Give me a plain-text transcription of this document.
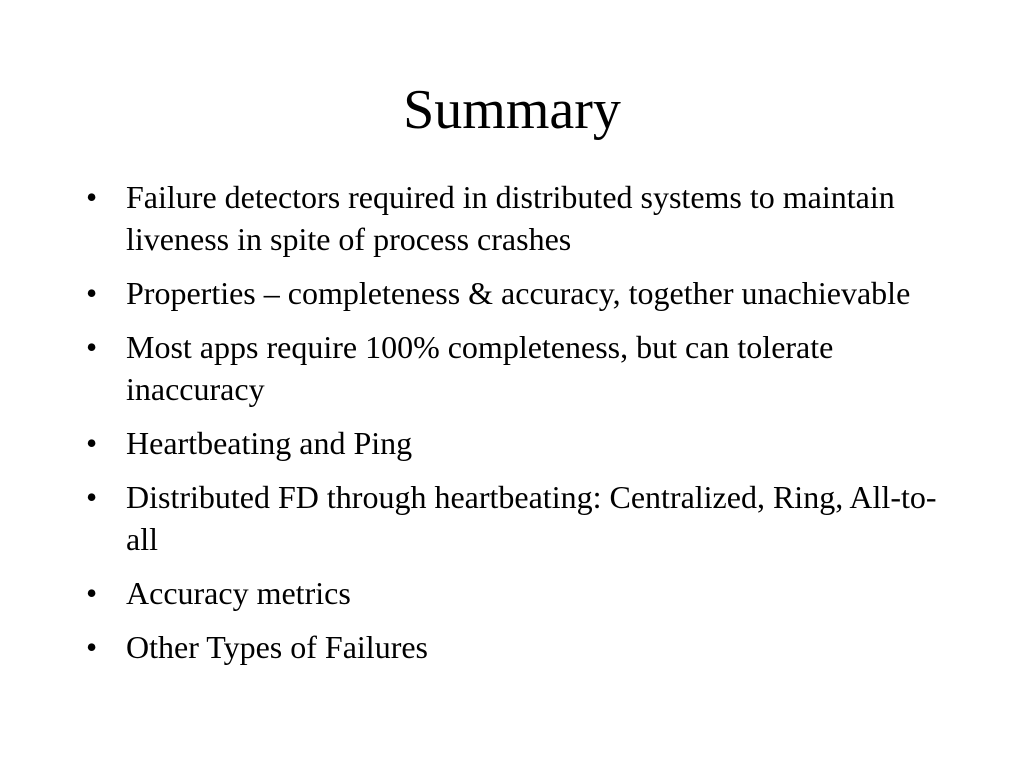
Summary
• Failure detectors required in distributed systems to maintain liveness in spite of process crashes
• Properties – completeness & accuracy, together unachievable
• Most apps require 100% completeness, but can tolerate inaccuracy
• Heartbeating and Ping
• Distributed FD through heartbeating: Centralized, Ring, All-to-all
• Accuracy metrics
• Other Types of Failures
